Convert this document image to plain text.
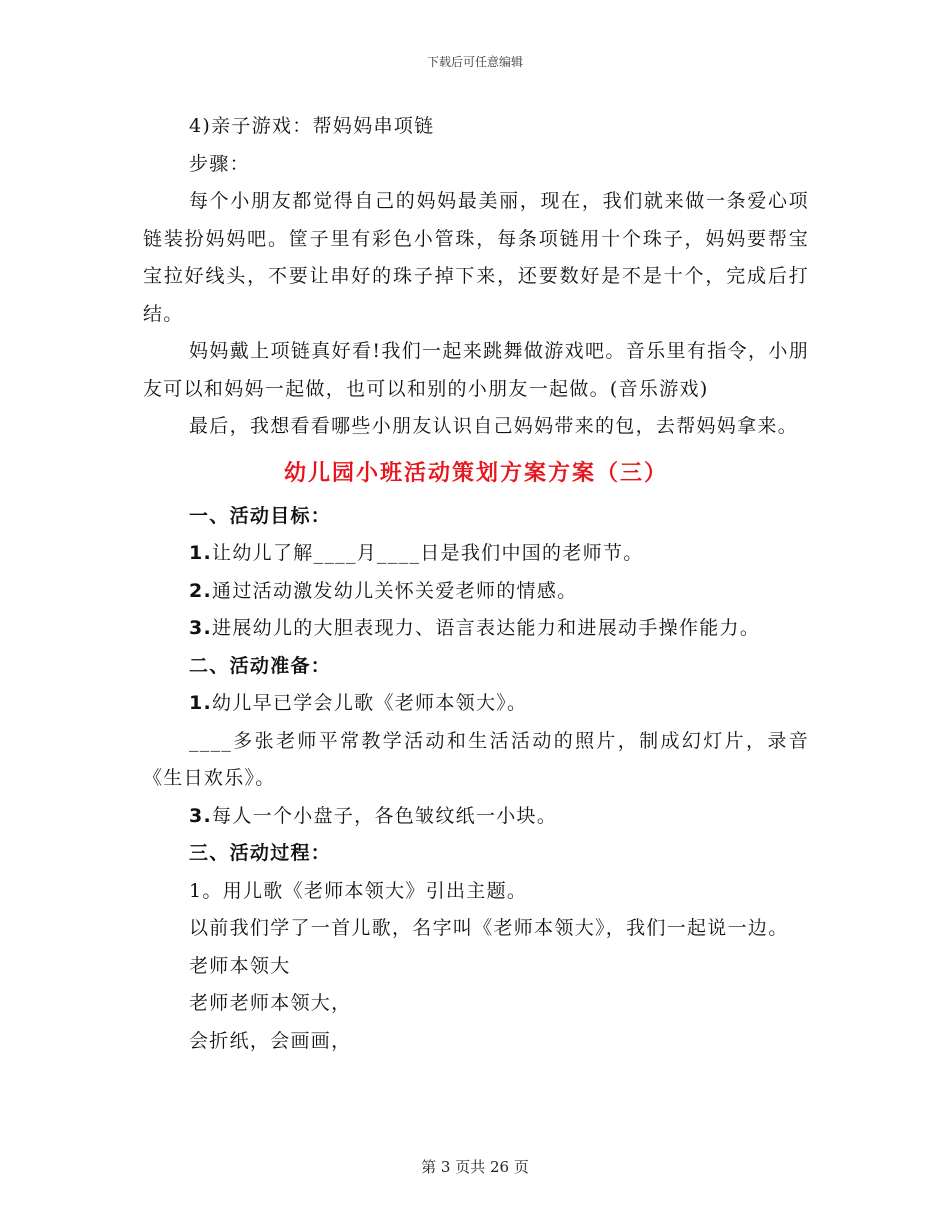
下载后可任意编辑

4)亲子游戏：帮妈妈串项链

步骤：

每个小朋友都觉得自己的妈妈最美丽，现在，我们就来做一条爱心项链装扮妈妈吧。筐子里有彩色小管珠，每条项链用十个珠子，妈妈要帮宝宝拉好线头，不要让串好的珠子掉下来，还要数好是不是十个，完成后打结。

妈妈戴上项链真好看!我们一起来跳舞做游戏吧。音乐里有指令，小朋友可以和妈妈一起做，也可以和别的小朋友一起做。(音乐游戏)

最后，我想看看哪些小朋友认识自己妈妈带来的包，去帮妈妈拿来。

幼儿园小班活动策划方案方案（三）

一、活动目标：

1.让幼儿了解____月____日是我们中国的老师节。

2.通过活动激发幼儿关怀关爱老师的情感。

3.进展幼儿的大胆表现力、语言表达能力和进展动手操作能力。

二、活动准备：

1.幼儿早已学会儿歌《老师本领大》。

____多张老师平常教学活动和生活活动的照片，制成幻灯片，录音《生日欢乐》。

3.每人一个小盘子，各色皱纹纸一小块。

三、活动过程：

1。用儿歌《老师本领大》引出主题。

以前我们学了一首儿歌，名字叫《老师本领大》，我们一起说一边。

老师本领大

老师老师本领大，

会折纸，会画画，

第 3 页共 26 页
